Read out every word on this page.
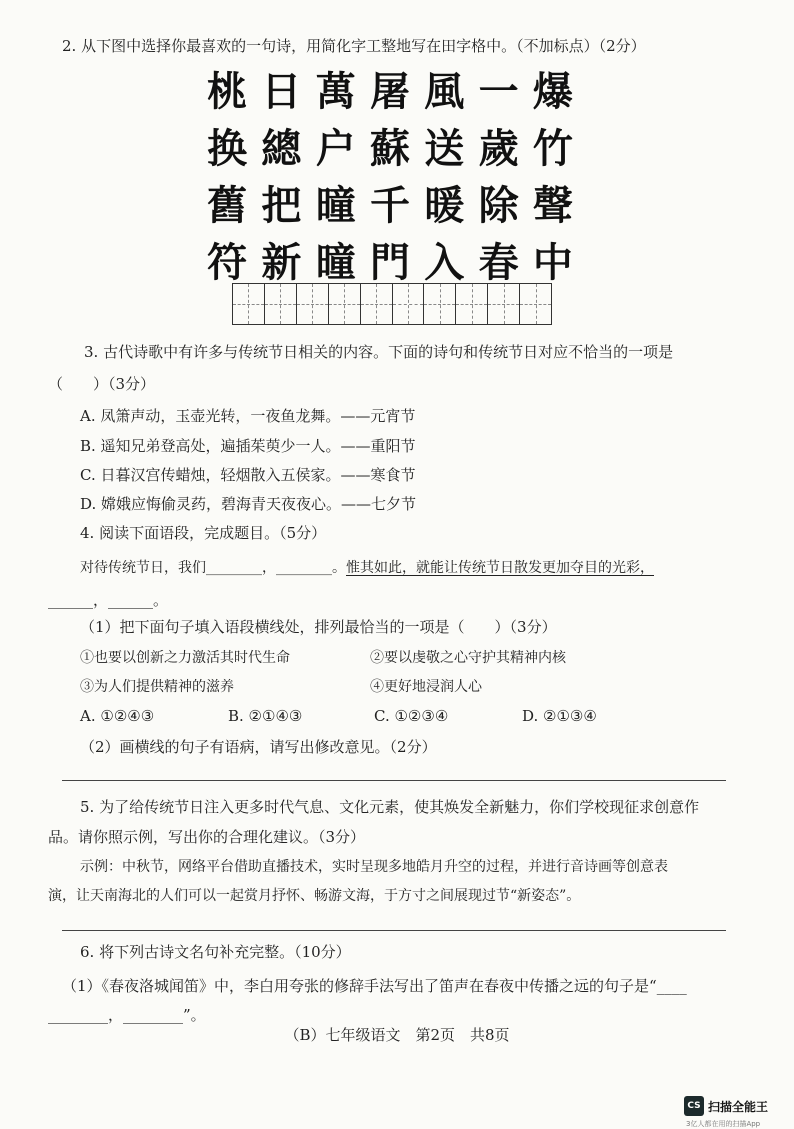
2. 从下图中选择你最喜欢的一句诗，用简化字工整地写在田字格中。（不加标点）（2分）
桃 日 萬 屠 風 一 爆
换 總 户 蘇 送 歲 竹
舊 把 曈 千 暖 除 聲
符 新 曈 門 入 春 中
3. 古代诗歌中有许多与传统节日相关的内容。下面的诗句和传统节日对应不恰当的一项是
（　　）（3分）
A. 凤箫声动，玉壶光转，一夜鱼龙舞。——元宵节
B. 遥知兄弟登高处，遍插茱萸少一人。——重阳节
C. 日暮汉宫传蜡烛，轻烟散入五侯家。——寒食节
D. 嫦娥应悔偷灵药，碧海青天夜夜心。——七夕节
4. 阅读下面语段，完成题目。（5分）
对待传统节日，我们________，________。惟其如此，就能让传统节日散发更加夺目的光彩，
______，______。
（1）把下面句子填入语段横线处，排列最恰当的一项是（　　）（3分）
①也要以创新之力激活其时代生命	②要以虔敬之心守护其精神内核
③为人们提供精神的滋养	④更好地浸润人心
A. ①②④③	B. ②①④③	C. ①②③④	D. ②①③④
（2）画横线的句子有语病，请写出修改意见。（2分）
5. 为了给传统节日注入更多时代气息、文化元素，使其焕发全新魅力，你们学校现征求创意作
品。请你照示例，写出你的合理化建议。（3分）
示例：中秋节，网络平台借助直播技术，实时呈现多地皓月升空的过程，并进行音诗画等创意表
演，让天南海北的人们可以一起赏月抒怀、畅游文海，于方寸之间展现过节“新姿态”。
6. 将下列古诗文名句补充完整。（10分）
（1）《春夜洛城闻笛》中，李白用夸张的修辞手法写出了笛声在春夜中传播之远的句子是“____
________，________”。
（B）七年级语文　第2页　共8页
CS 扫描全能王
3亿人都在用的扫描App
